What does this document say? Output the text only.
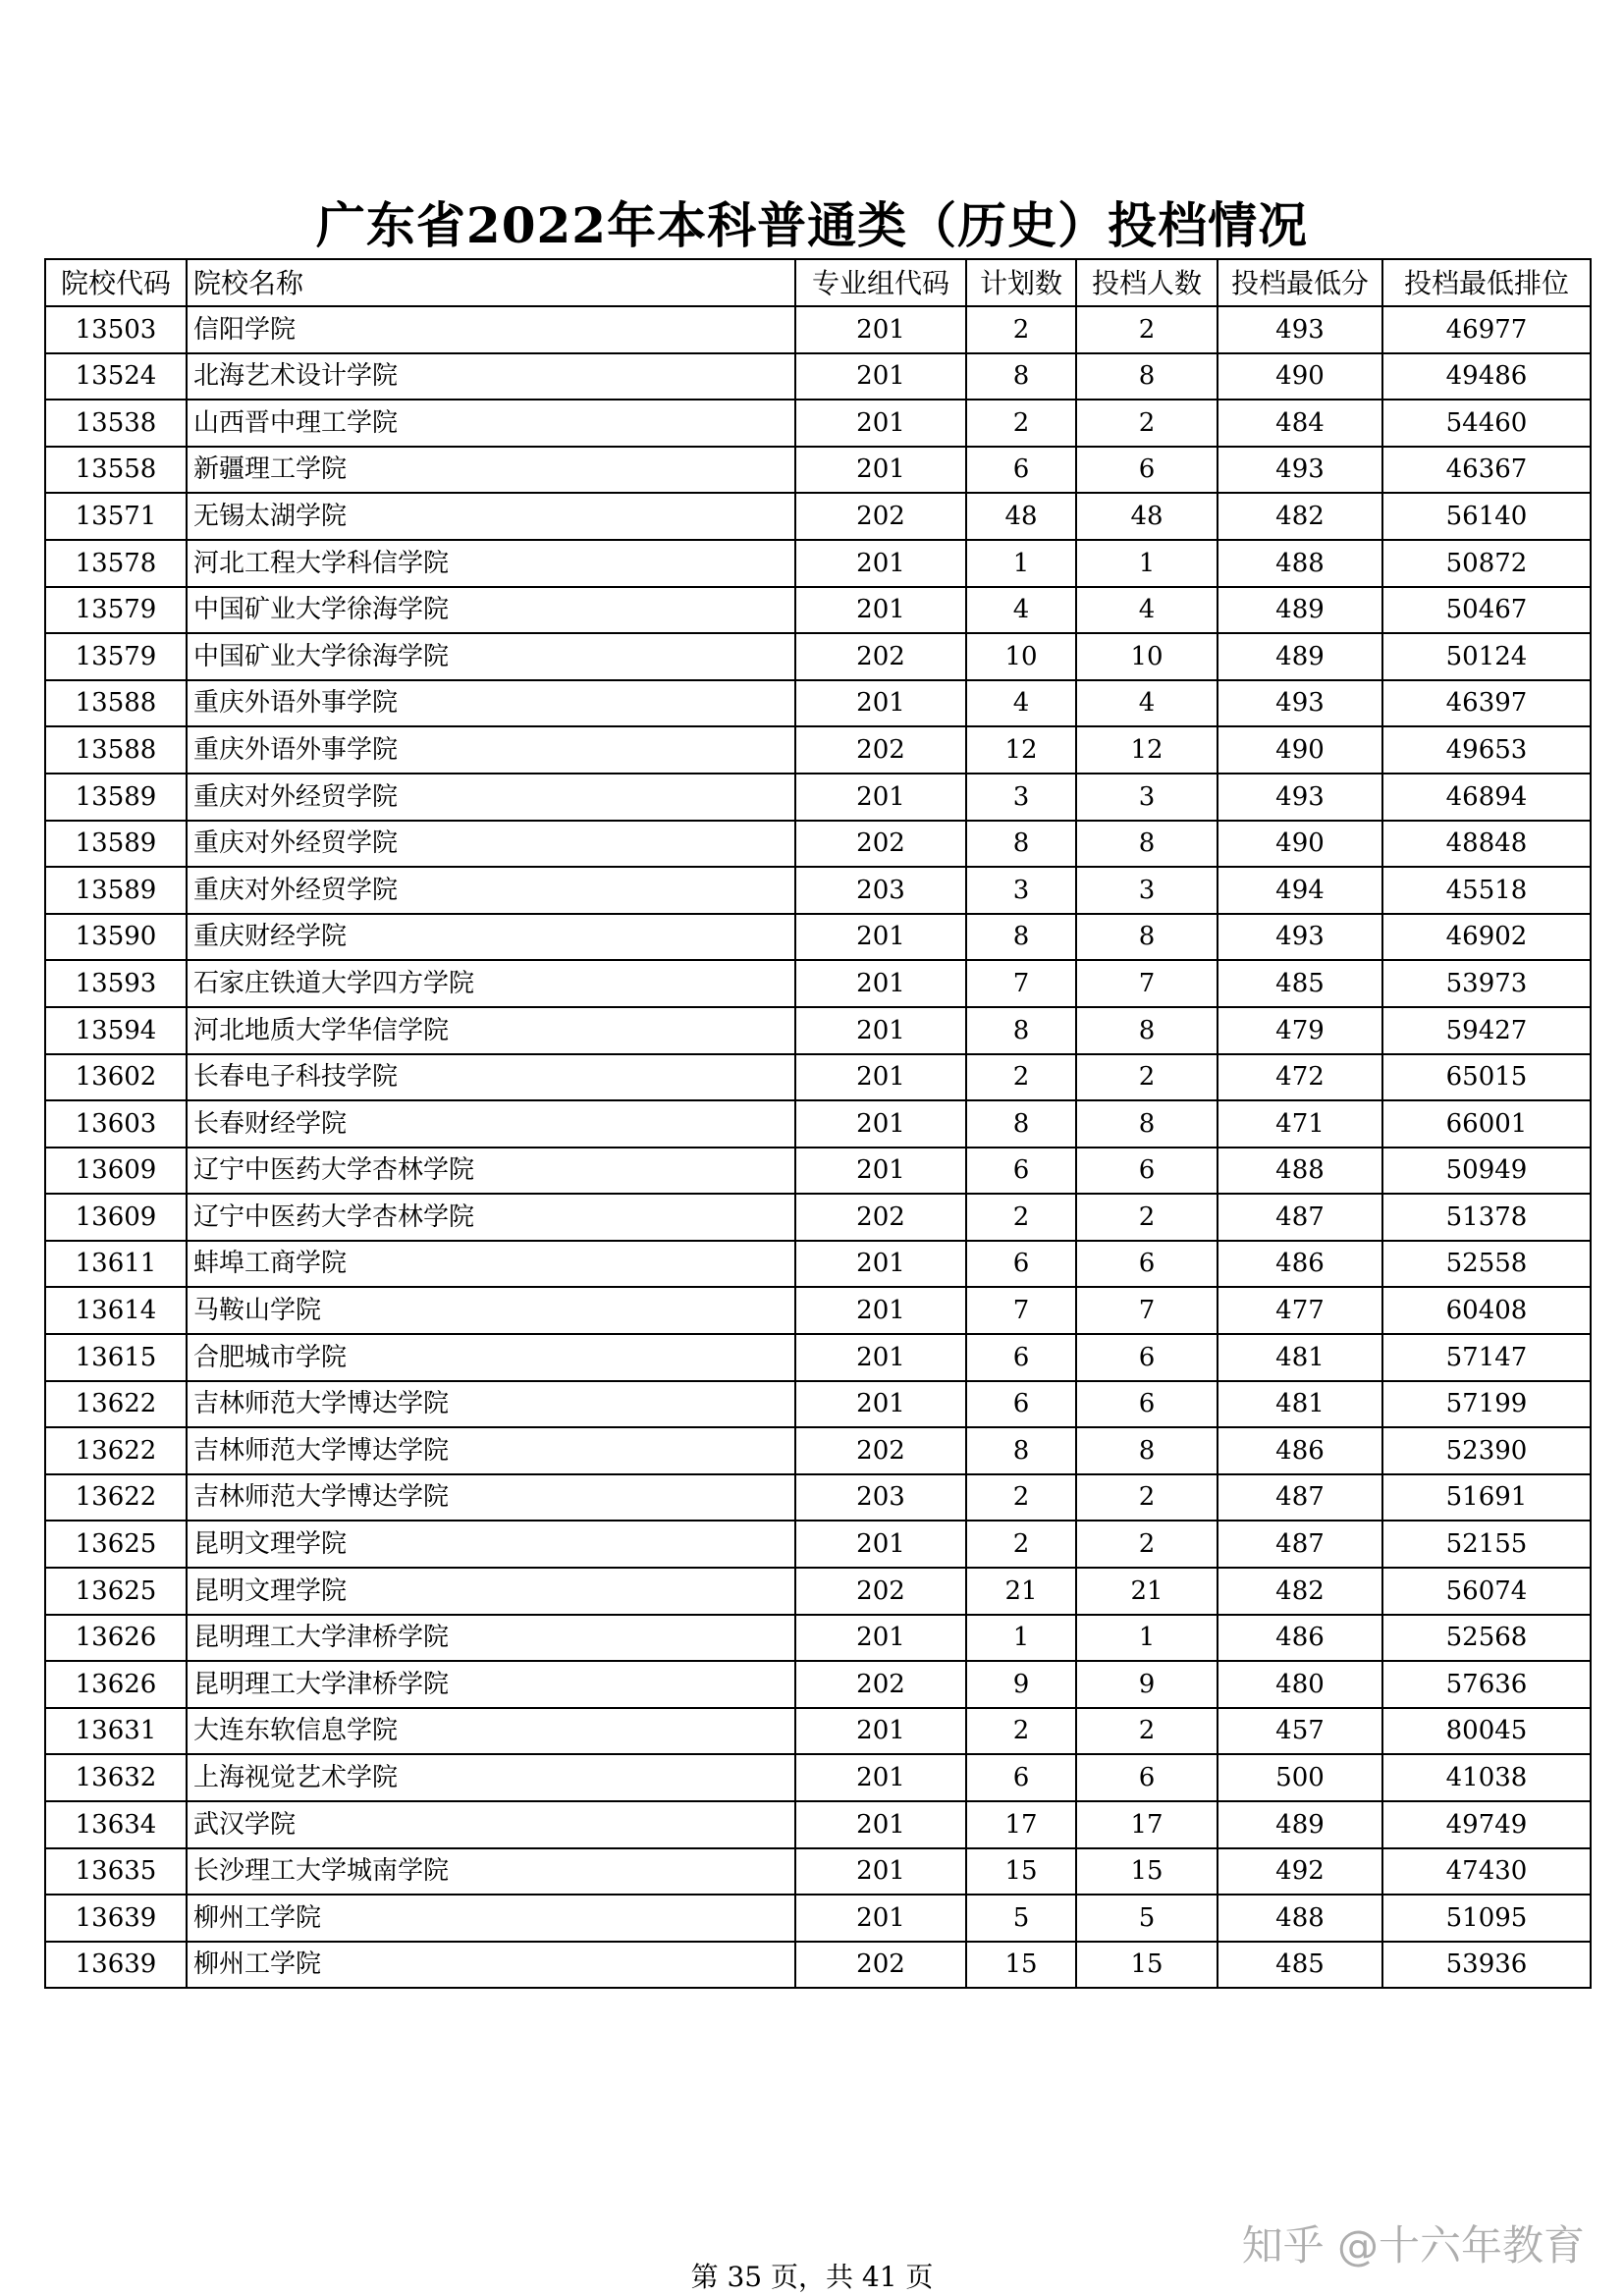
广东省2022年本科普通类（历史）投档情况
院校代码	院校名称	专业组代码	计划数	投档人数	投档最低分	投档最低排位
13503	信阳学院	201	2	2	493	46977
13524	北海艺术设计学院	201	8	8	490	49486
13538	山西晋中理工学院	201	2	2	484	54460
13558	新疆理工学院	201	6	6	493	46367
13571	无锡太湖学院	202	48	48	482	56140
13578	河北工程大学科信学院	201	1	1	488	50872
13579	中国矿业大学徐海学院	201	4	4	489	50467
13579	中国矿业大学徐海学院	202	10	10	489	50124
13588	重庆外语外事学院	201	4	4	493	46397
13588	重庆外语外事学院	202	12	12	490	49653
13589	重庆对外经贸学院	201	3	3	493	46894
13589	重庆对外经贸学院	202	8	8	490	48848
13589	重庆对外经贸学院	203	3	3	494	45518
13590	重庆财经学院	201	8	8	493	46902
13593	石家庄铁道大学四方学院	201	7	7	485	53973
13594	河北地质大学华信学院	201	8	8	479	59427
13602	长春电子科技学院	201	2	2	472	65015
13603	长春财经学院	201	8	8	471	66001
13609	辽宁中医药大学杏林学院	201	6	6	488	50949
13609	辽宁中医药大学杏林学院	202	2	2	487	51378
13611	蚌埠工商学院	201	6	6	486	52558
13614	马鞍山学院	201	7	7	477	60408
13615	合肥城市学院	201	6	6	481	57147
13622	吉林师范大学博达学院	201	6	6	481	57199
13622	吉林师范大学博达学院	202	8	8	486	52390
13622	吉林师范大学博达学院	203	2	2	487	51691
13625	昆明文理学院	201	2	2	487	52155
13625	昆明文理学院	202	21	21	482	56074
13626	昆明理工大学津桥学院	201	1	1	486	52568
13626	昆明理工大学津桥学院	202	9	9	480	57636
13631	大连东软信息学院	201	2	2	457	80045
13632	上海视觉艺术学院	201	6	6	500	41038
13634	武汉学院	201	17	17	489	49749
13635	长沙理工大学城南学院	201	15	15	492	47430
13639	柳州工学院	201	5	5	488	51095
13639	柳州工学院	202	15	15	485	53936
第 35 页，共 41 页
知乎 @十六年教育
